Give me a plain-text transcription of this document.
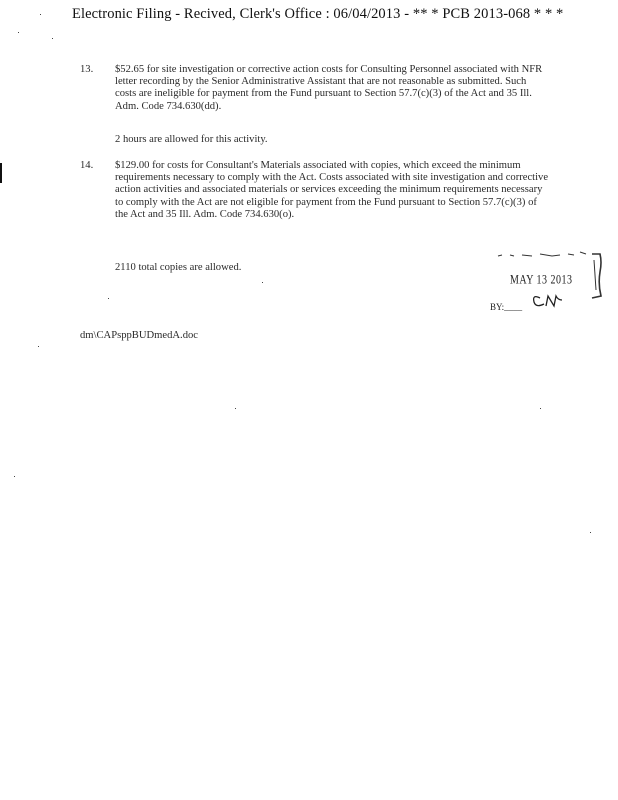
Electronic Filing - Recived, Clerk's Office : 06/04/2013 - ** * PCB 2013-068 * * *
13. $52.65 for site investigation or corrective action costs for Consulting Personnel associated with NFR letter recording by the Senior Administrative Assistant that are not reasonable as submitted. Such costs are ineligible for payment from the Fund pursuant to Section 57.7(c)(3) of the Act and 35 Ill. Adm. Code 734.630(dd).

2 hours are allowed for this activity.
14. $129.00 for costs for Consultant's Materials associated with copies, which exceed the minimum requirements necessary to comply with the Act. Costs associated with site investigation and corrective action activities and associated materials or services exceeding the minimum requirements necessary to comply with the Act are not eligible for payment from the Fund pursuant to Section 57.7(c)(3) of the Act and 35 Ill. Adm. Code 734.630(o).

2110 total copies are allowed.
MAY 13 2013
BY:____
dm\CAPsppBUDmedA.doc
